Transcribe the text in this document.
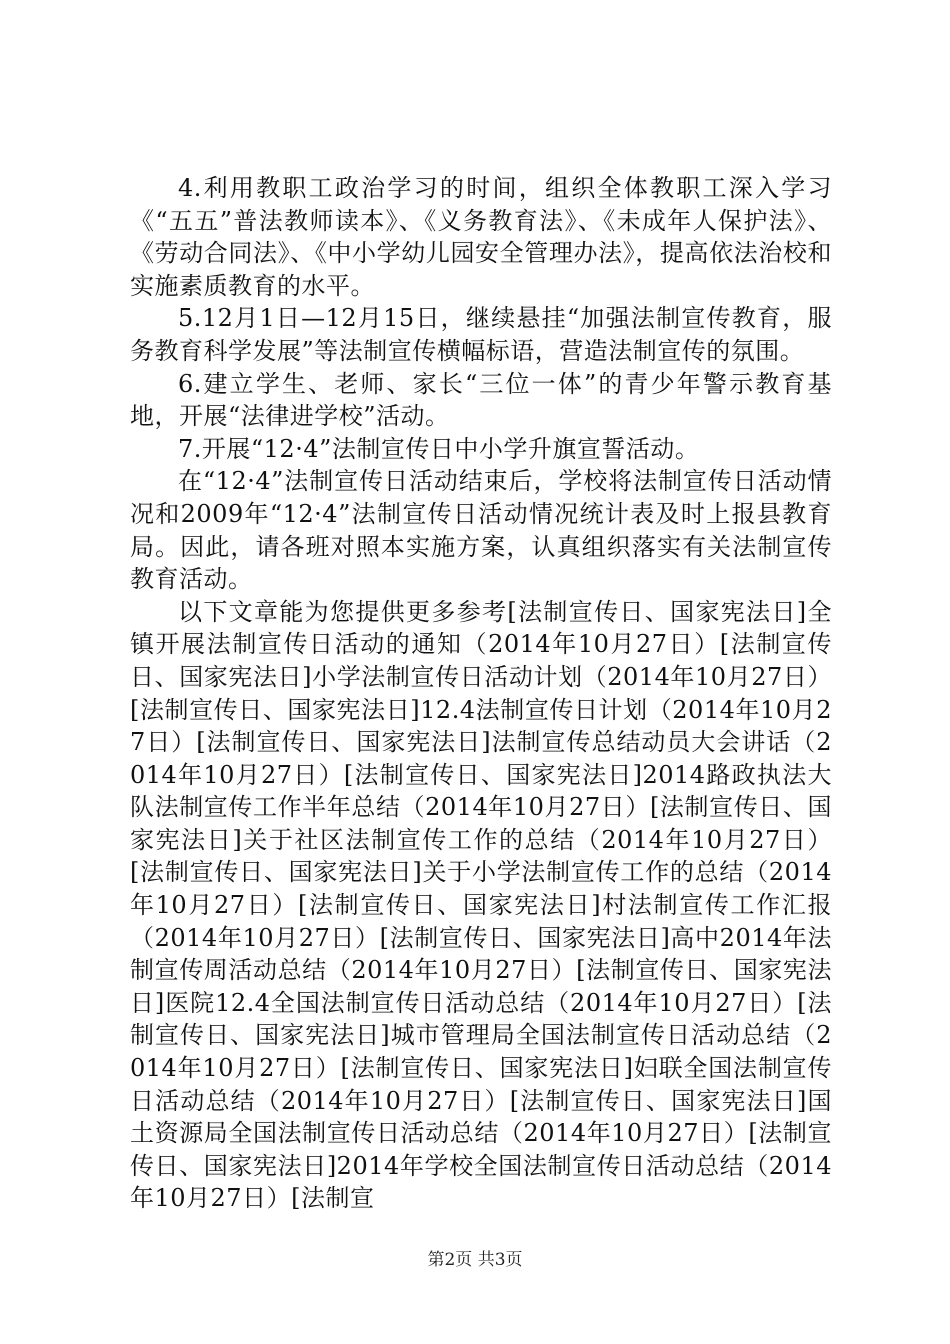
4.利用教职工政治学习的时间，组织全体教职工深入学习《“五五”普法教师读本》、《义务教育法》、《未成年人保护法》、《劳动合同法》、《中小学幼儿园安全管理办法》，提高依法治校和实施素质教育的水平。

5.12月1日—12月15日，继续悬挂“加强法制宣传教育，服务教育科学发展”等法制宣传横幅标语，营造法制宣传的氛围。

6.建立学生、老师、家长“三位一体”的青少年警示教育基地，开展“法律进学校”活动。

7.开展“12·4”法制宣传日中小学升旗宣誓活动。

在“12·4”法制宣传日活动结束后，学校将法制宣传日活动情况和2009年“12·4”法制宣传日活动情况统计表及时上报县教育局。因此，请各班对照本实施方案，认真组织落实有关法制宣传教育活动。

以下文章能为您提供更多参考[法制宣传日、国家宪法日]全镇开展法制宣传日活动的通知（2014年10月27日）[法制宣传日、国家宪法日]小学法制宣传日活动计划（2014年10月27日）[法制宣传日、国家宪法日]12.4法制宣传日计划（2014年10月27日）[法制宣传日、国家宪法日]法制宣传总结动员大会讲话（2014年10月27日）[法制宣传日、国家宪法日]2014路政执法大队法制宣传工作半年总结（2014年10月27日）[法制宣传日、国家宪法日]关于社区法制宣传工作的总结（2014年10月27日）[法制宣传日、国家宪法日]关于小学法制宣传工作的总结（2014年10月27日）[法制宣传日、国家宪法日]村法制宣传工作汇报（2014年10月27日）[法制宣传日、国家宪法日]高中2014年法制宣传周活动总结（2014年10月27日）[法制宣传日、国家宪法日]医院12.4全国法制宣传日活动总结（2014年10月27日）[法制宣传日、国家宪法日]城市管理局全国法制宣传日活动总结（2014年10月27日）[法制宣传日、国家宪法日]妇联全国法制宣传日活动总结（2014年10月27日）[法制宣传日、国家宪法日]国土资源局全国法制宣传日活动总结（2014年10月27日）[法制宣传日、国家宪法日]2014年学校全国法制宣传日活动总结（2014年10月27日）[法制宣

第2页 共3页
